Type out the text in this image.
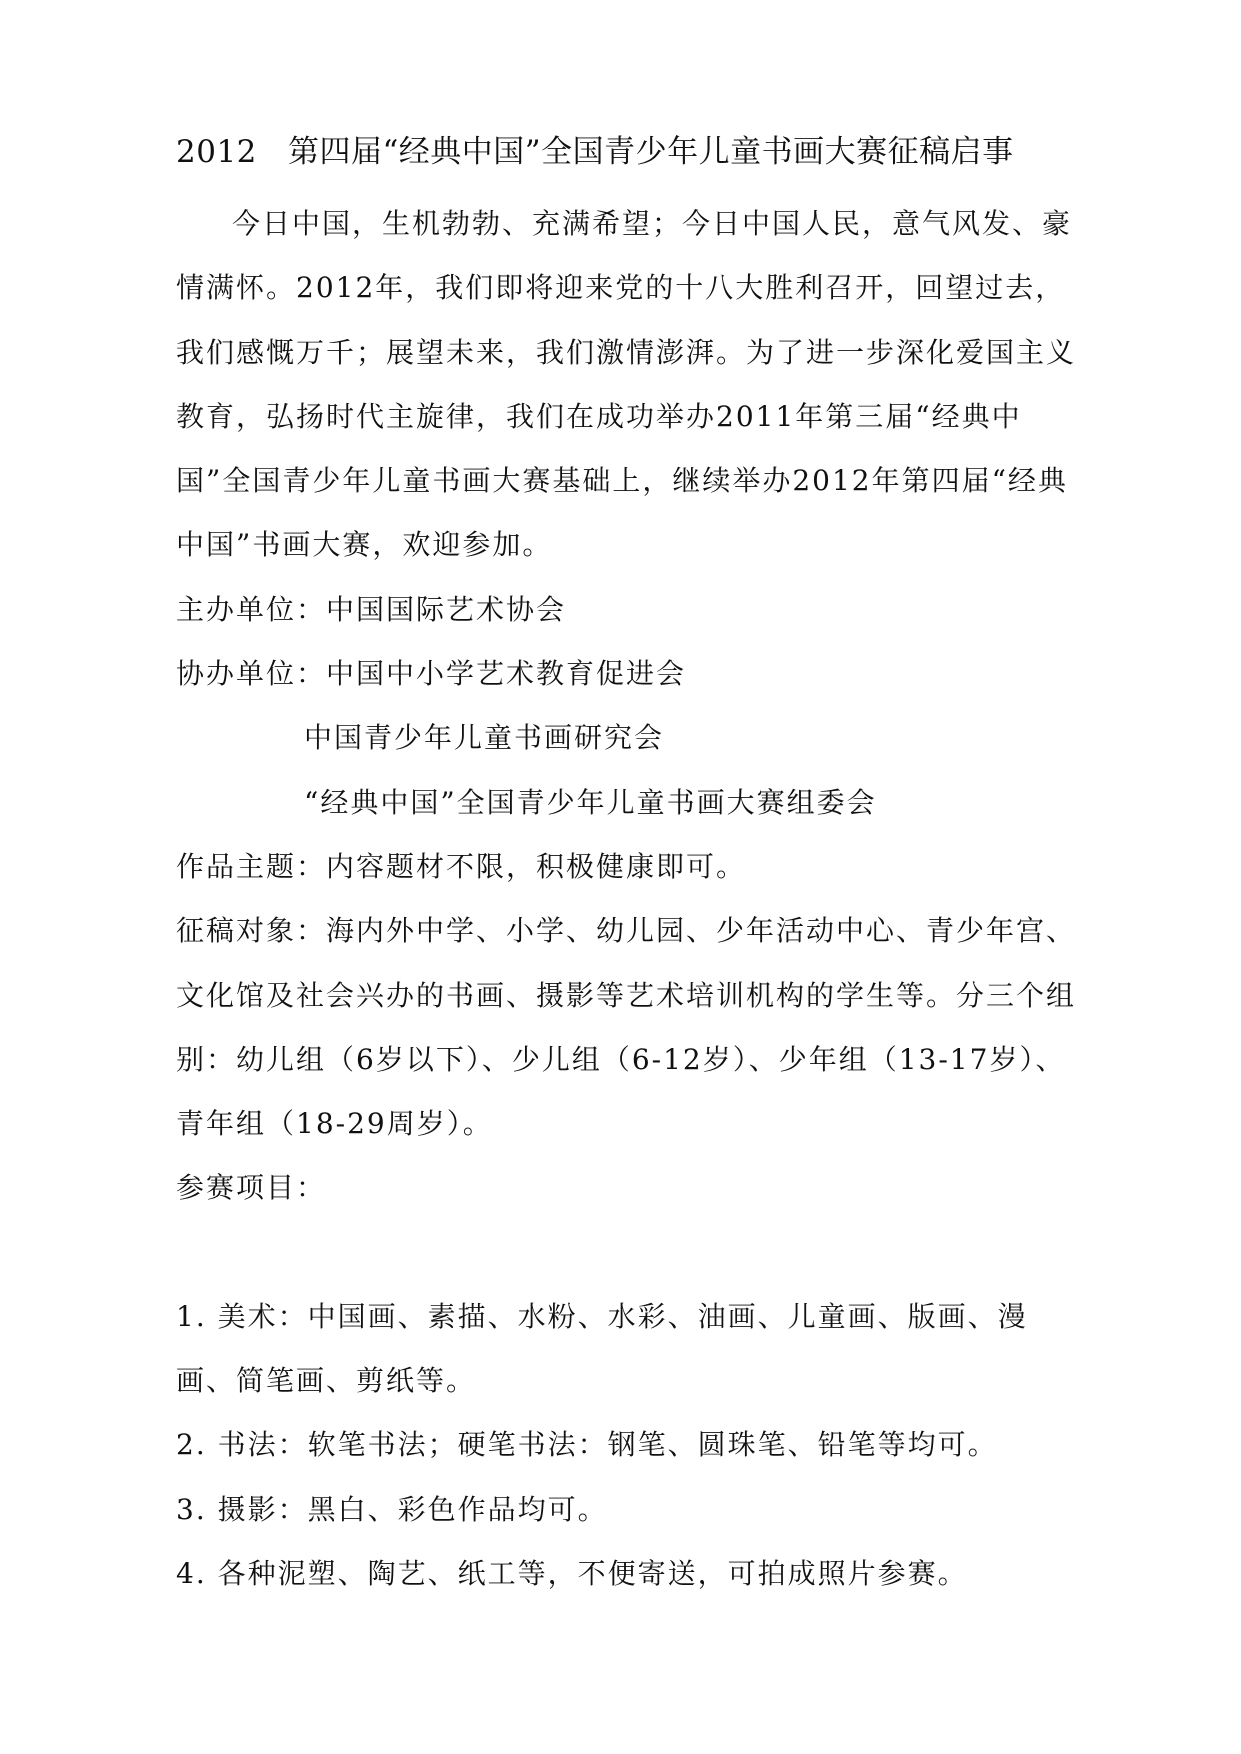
2012   第四届“经典中国”全国青少年儿童书画大赛征稿启事

今日中国，生机勃勃、充满希望；今日中国人民，意气风发、豪情满怀。2012年，我们即将迎来党的十八大胜利召开，回望过去，我们感慨万千；展望未来，我们激情澎湃。为了进一步深化爱国主义教育，弘扬时代主旋律，我们在成功举办2011年第三届“经典中国”全国青少年儿童书画大赛基础上，继续举办2012年第四届“经典中国”书画大赛，欢迎参加。

主办单位：中国国际艺术协会

协办单位：中国中小学艺术教育促进会

中国青少年儿童书画研究会

“经典中国”全国青少年儿童书画大赛组委会

作品主题：内容题材不限，积极健康即可。

征稿对象：海内外中学、小学、幼儿园、少年活动中心、青少年宫、文化馆及社会兴办的书画、摄影等艺术培训机构的学生等。分三个组别：幼儿组（6岁以下）、少儿组（6-12岁）、少年组（13-17岁）、青年组（18-29周岁）。

参赛项目：

1. 美术：中国画、素描、水粉、水彩、油画、儿童画、版画、漫画、简笔画、剪纸等。

2. 书法：软笔书法；硬笔书法：钢笔、圆珠笔、铅笔等均可。

3. 摄影：黑白、彩色作品均可。

4. 各种泥塑、陶艺、纸工等，不便寄送，可拍成照片参赛。
